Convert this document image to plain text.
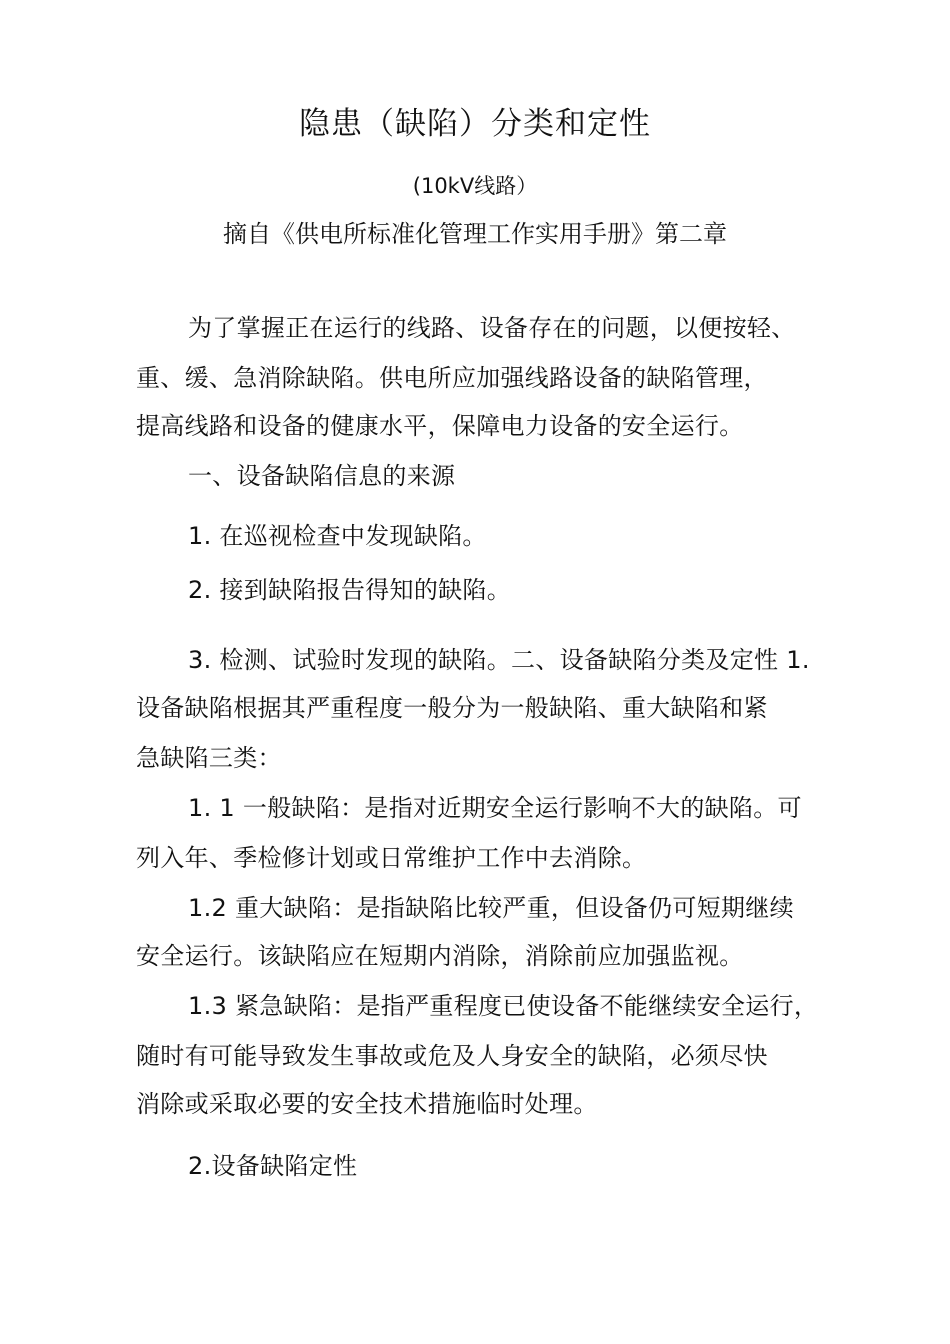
隐患（缺陷）分类和定性
(10kV线路）
摘自《供电所标准化管理工作实用手册》第二章
为了掌握正在运行的线路、设备存在的问题，以便按轻、
重、缓、急消除缺陷。供电所应加强线路设备的缺陷管理，
提高线路和设备的健康水平，保障电力设备的安全运行。
一、设备缺陷信息的来源
1. 在巡视检查中发现缺陷。
2. 接到缺陷报告得知的缺陷。
3. 检测、试验时发现的缺陷。二、设备缺陷分类及定性 1.
设备缺陷根据其严重程度一般分为一般缺陷、重大缺陷和紧
急缺陷三类：
1. 1 一般缺陷：是指对近期安全运行影响不大的缺陷。可
列入年、季检修计划或日常维护工作中去消除。
1.2 重大缺陷：是指缺陷比较严重，但设备仍可短期继续
安全运行。该缺陷应在短期内消除，消除前应加强监视。
1.3 紧急缺陷：是指严重程度已使设备不能继续安全运行，
随时有可能导致发生事故或危及人身安全的缺陷，必须尽快
消除或采取必要的安全技术措施临时处理。
2.设备缺陷定性
